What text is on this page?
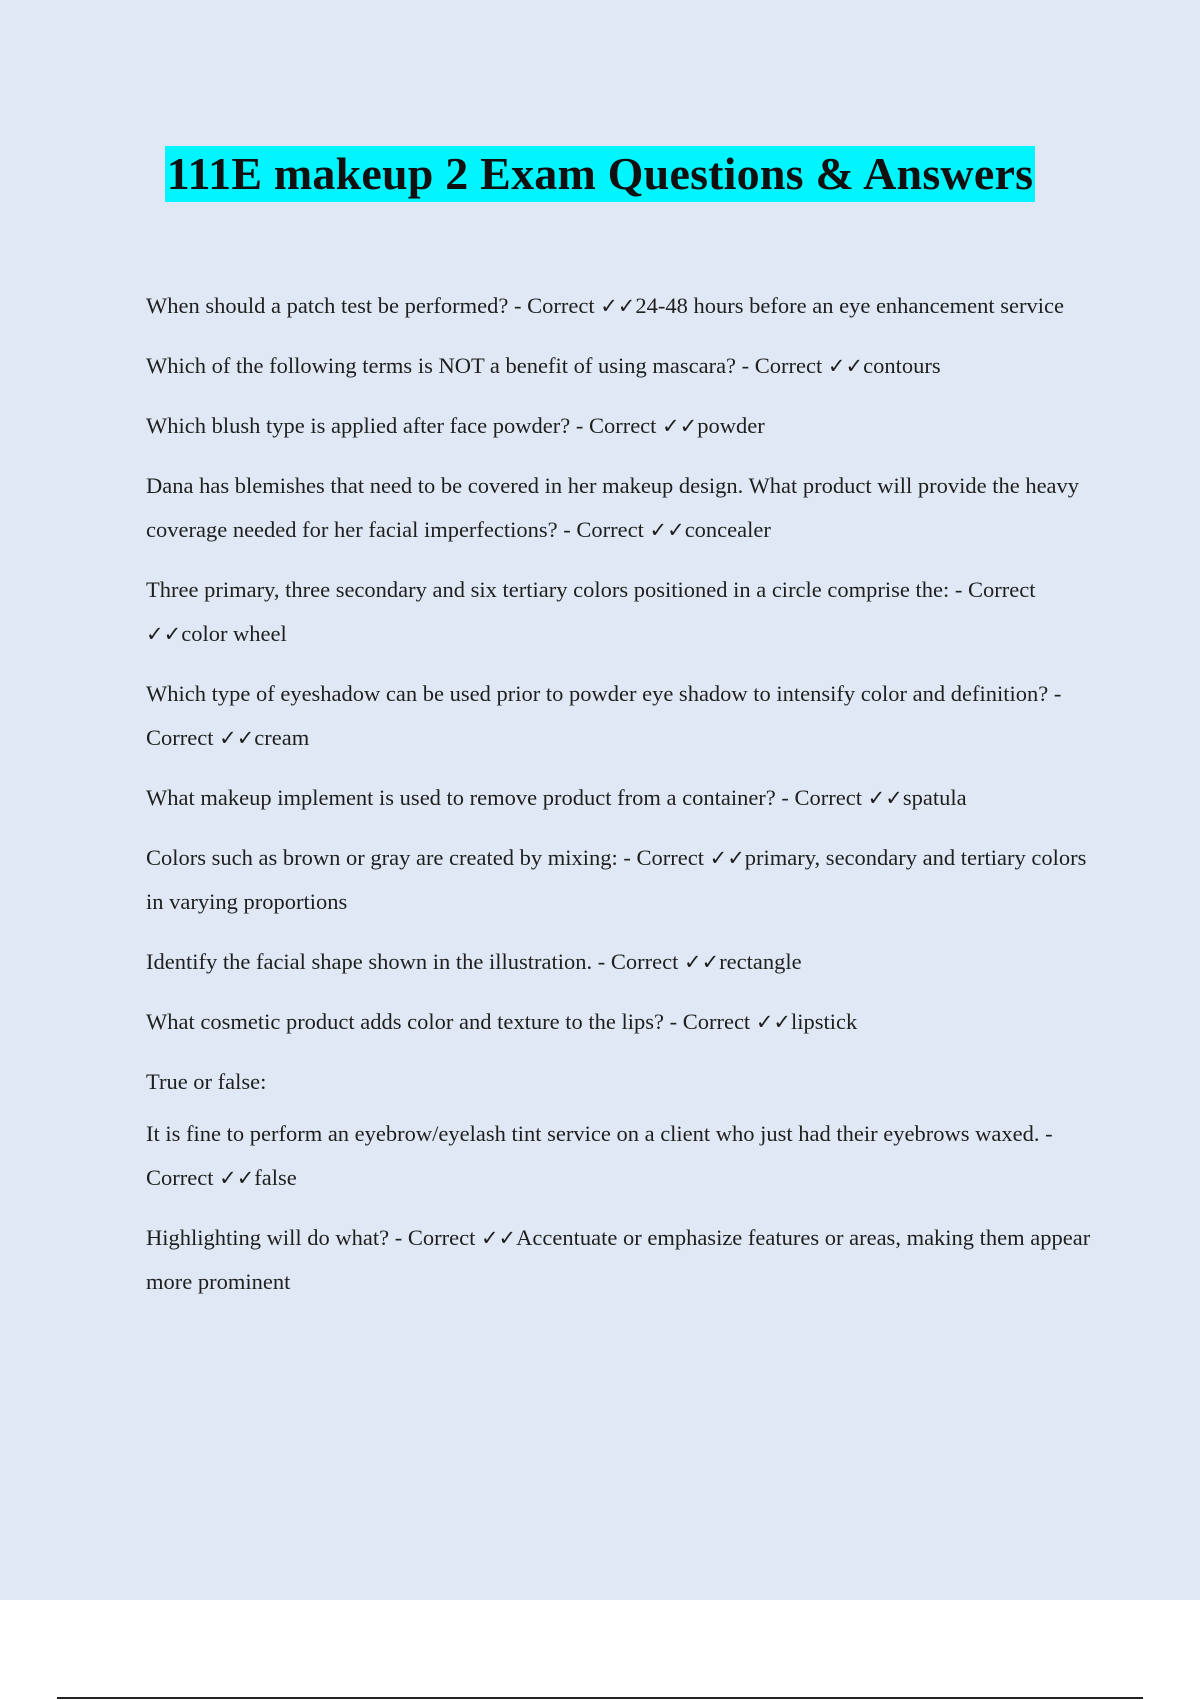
111E makeup 2 Exam Questions & Answers

When should a patch test be performed? - Correct ✓✓24-48 hours before an eye enhancement service

Which of the following terms is NOT a benefit of using mascara? - Correct ✓✓contours

Which blush type is applied after face powder? - Correct ✓✓powder

Dana has blemishes that need to be covered in her makeup design. What product will provide the heavy coverage needed for her facial imperfections? - Correct ✓✓concealer

Three primary, three secondary and six tertiary colors positioned in a circle comprise the: - Correct ✓✓color wheel

Which type of eyeshadow can be used prior to powder eye shadow to intensify color and definition? - Correct ✓✓cream

What makeup implement is used to remove product from a container? - Correct ✓✓spatula

Colors such as brown or gray are created by mixing: - Correct ✓✓primary, secondary and tertiary colors in varying proportions

Identify the facial shape shown in the illustration. - Correct ✓✓rectangle

What cosmetic product adds color and texture to the lips? - Correct ✓✓lipstick

True or false:

It is fine to perform an eyebrow/eyelash tint service on a client who just had their eyebrows waxed. - Correct ✓✓false

Highlighting will do what? - Correct ✓✓Accentuate or emphasize features or areas, making them appear more prominent
